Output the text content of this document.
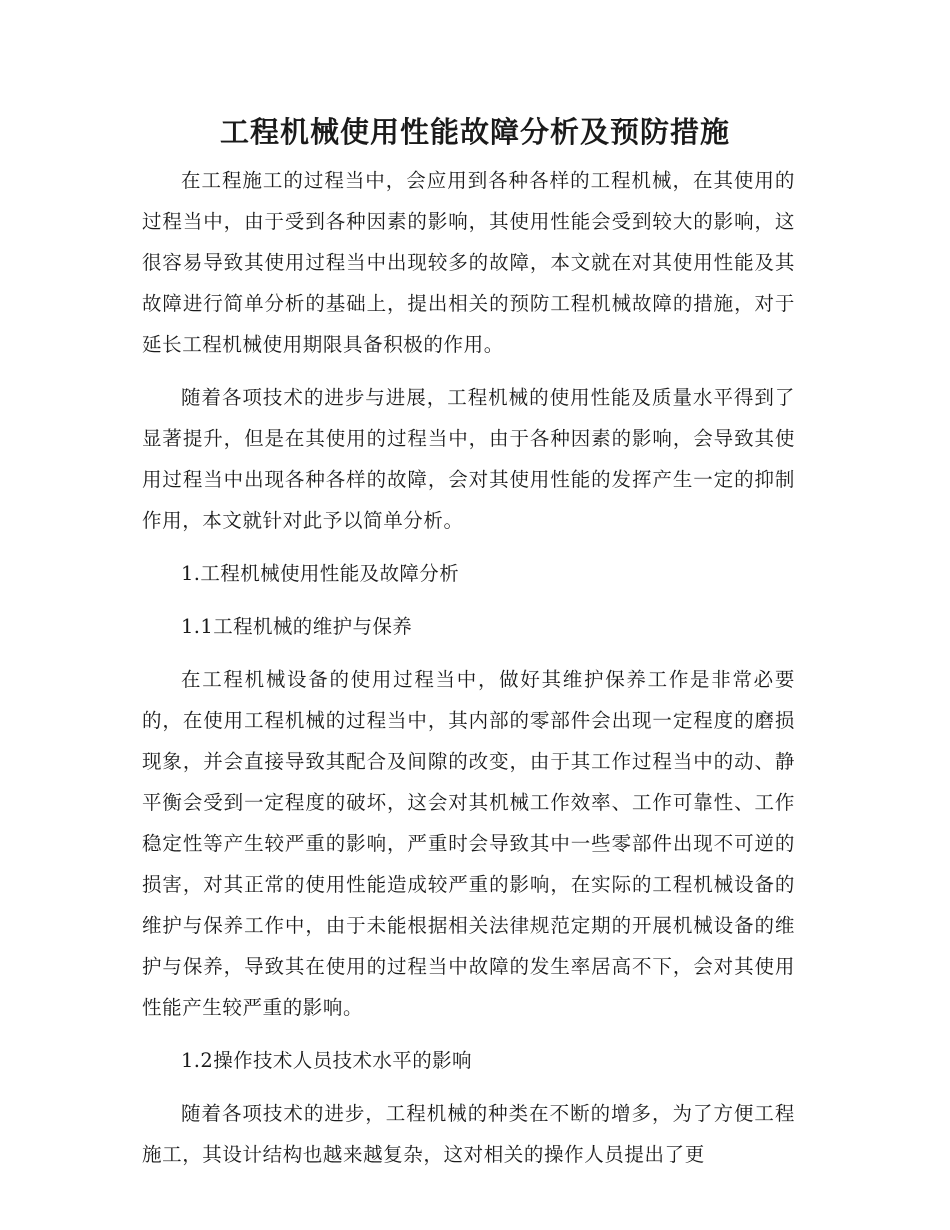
工程机械使用性能故障分析及预防措施

在工程施工的过程当中，会应用到各种各样的工程机械，在其使用的过程当中，由于受到各种因素的影响，其使用性能会受到较大的影响，这很容易导致其使用过程当中出现较多的故障，本文就在对其使用性能及其故障进行简单分析的基础上，提出相关的预防工程机械故障的措施，对于延长工程机械使用期限具备积极的作用。

随着各项技术的进步与进展，工程机械的使用性能及质量水平得到了显著提升，但是在其使用的过程当中，由于各种因素的影响，会导致其使用过程当中出现各种各样的故障，会对其使用性能的发挥产生一定的抑制作用，本文就针对此予以简单分析。

1.工程机械使用性能及故障分析

1.1工程机械的维护与保养

在工程机械设备的使用过程当中，做好其维护保养工作是非常必要的，在使用工程机械的过程当中，其内部的零部件会出现一定程度的磨损现象，并会直接导致其配合及间隙的改变，由于其工作过程当中的动、静平衡会受到一定程度的破坏，这会对其机械工作效率、工作可靠性、工作稳定性等产生较严重的影响，严重时会导致其中一些零部件出现不可逆的损害，对其正常的使用性能造成较严重的影响，在实际的工程机械设备的维护与保养工作中，由于未能根据相关法律规范定期的开展机械设备的维护与保养，导致其在使用的过程当中故障的发生率居高不下，会对其使用性能产生较严重的影响。

1.2操作技术人员技术水平的影响

随着各项技术的进步，工程机械的种类在不断的增多，为了方便工程施工，其设计结构也越来越复杂，这对相关的操作人员提出了更
